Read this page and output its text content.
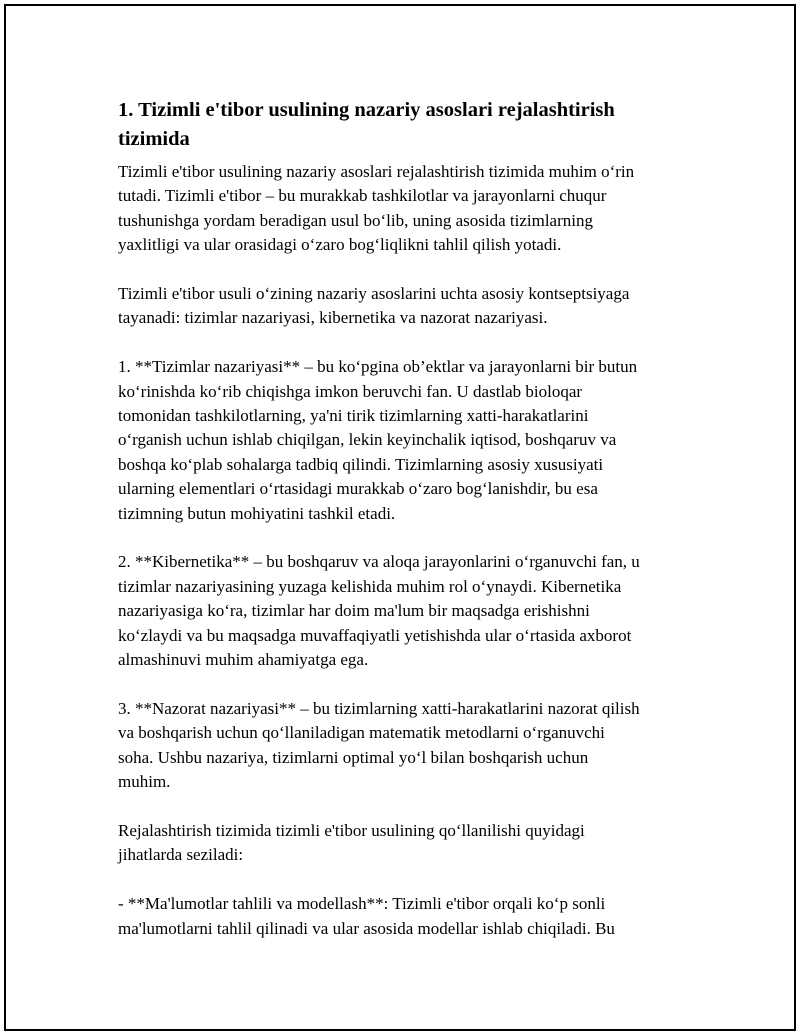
1. Tizimli e'tibor usulining nazariy asoslari rejalashtirish
tizimida
Tizimli e'tibor usulining nazariy asoslari rejalashtirish tizimida muhim o‘rin
tutadi. Tizimli e'tibor – bu murakkab tashkilotlar va jarayonlarni chuqur
tushunishga yordam beradigan usul bo‘lib, uning asosida tizimlarning
yaxlitligi va ular orasidagi o‘zaro bog‘liqlikni tahlil qilish yotadi.
Tizimli e'tibor usuli o‘zining nazariy asoslarini uchta asosiy kontseptsiyaga
tayanadi: tizimlar nazariyasi, kibernetika va nazorat nazariyasi.
1. **Tizimlar nazariyasi** – bu ko‘pgina ob’ektlar va jarayonlarni bir butun
ko‘rinishda ko‘rib chiqishga imkon beruvchi fan. U dastlab bioloqar
tomonidan tashkilotlarning, ya'ni tirik tizimlarning xatti-harakatlarini
o‘rganish uchun ishlab chiqilgan, lekin keyinchalik iqtisod, boshqaruv va
boshqa ko‘plab sohalarga tadbiq qilindi. Tizimlarning asosiy xususiyati
ularning elementlari o‘rtasidagi murakkab o‘zaro bog‘lanishdir, bu esa
tizimning butun mohiyatini tashkil etadi.
2. **Kibernetika** – bu boshqaruv va aloqa jarayonlarini o‘rganuvchi fan, u
tizimlar nazariyasining yuzaga kelishida muhim rol o‘ynaydi. Kibernetika
nazariyasiga ko‘ra, tizimlar har doim ma'lum bir maqsadga erishishni
ko‘zlaydi va bu maqsadga muvaffaqiyatli yetishishda ular o‘rtasida axborot
almashinuvi muhim ahamiyatga ega.
3. **Nazorat nazariyasi** – bu tizimlarning xatti-harakatlarini nazorat qilish
va boshqarish uchun qo‘llaniladigan matematik metodlarni o‘rganuvchi
soha. Ushbu nazariya, tizimlarni optimal yo‘l bilan boshqarish uchun
muhim.
Rejalashtirish tizimida tizimli e'tibor usulining qo‘llanilishi quyidagi
jihatlarda seziladi:
- **Ma'lumotlar tahlili va modellash**: Tizimli e'tibor orqali ko‘p sonli
ma'lumotlarni tahlil qilinadi va ular asosida modellar ishlab chiqiladi. Bu
